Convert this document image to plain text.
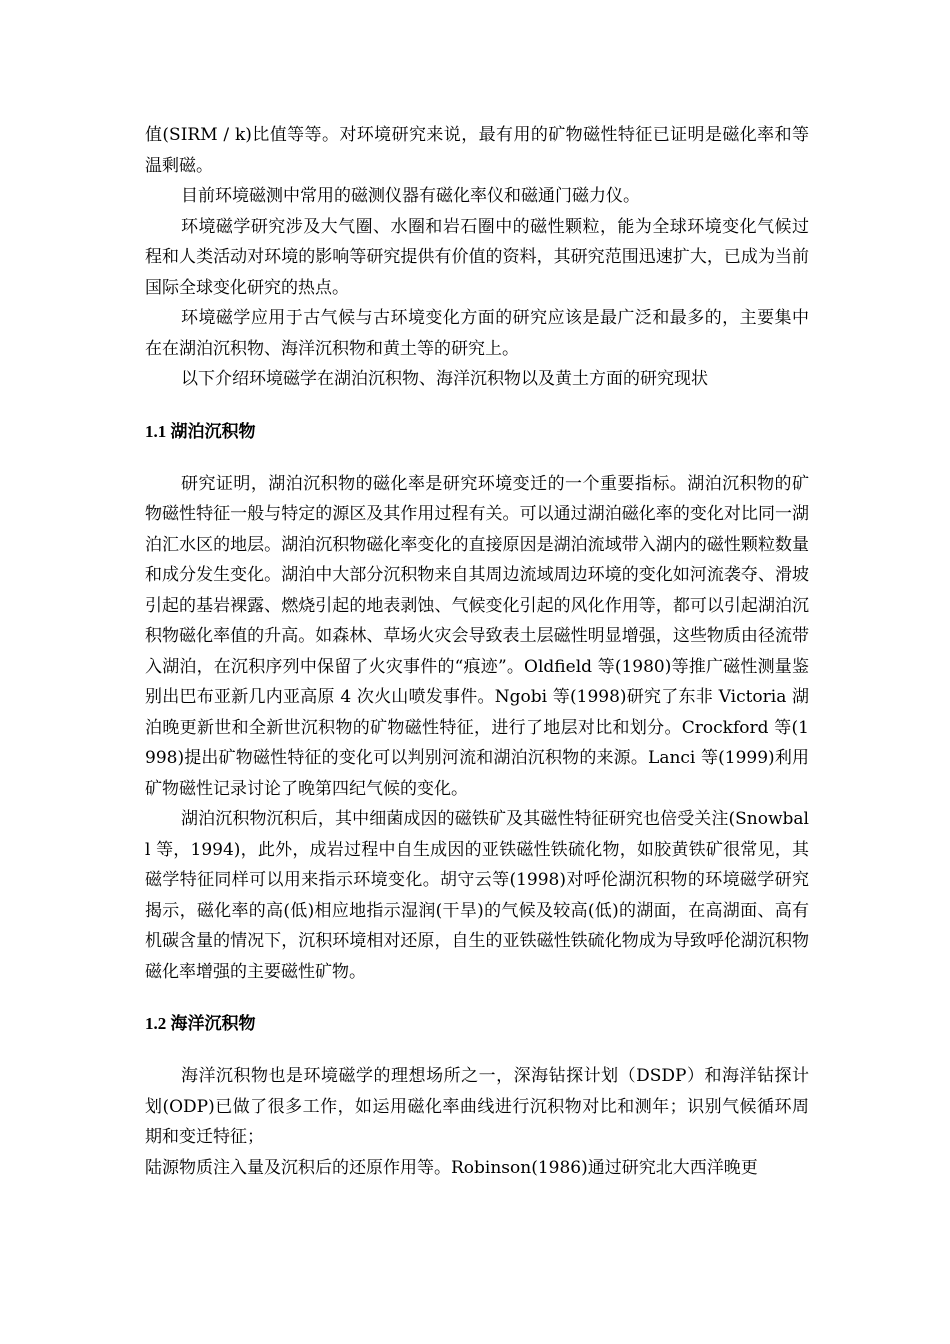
值(SIRM / k)比值等等。对环境研究来说，最有用的矿物磁性特征已证明是磁化率和等温剩磁。

目前环境磁测中常用的磁测仪器有磁化率仪和磁通门磁力仪。

环境磁学研究涉及大气圈、水圈和岩石圈中的磁性颗粒，能为全球环境变化气候过程和人类活动对环境的影响等研究提供有价值的资料，其研究范围迅速扩大，已成为当前国际全球变化研究的热点。

环境磁学应用于古气候与古环境变化方面的研究应该是最广泛和最多的，主要集中在在湖泊沉积物、海洋沉积物和黄土等的研究上。

以下介绍环境磁学在湖泊沉积物、海洋沉积物以及黄土方面的研究现状

1.1 湖泊沉积物

研究证明，湖泊沉积物的磁化率是研究环境变迁的一个重要指标。湖泊沉积物的矿物磁性特征一般与特定的源区及其作用过程有关。可以通过湖泊磁化率的变化对比同一湖泊汇水区的地层。湖泊沉积物磁化率变化的直接原因是湖泊流域带入湖内的磁性颗粒数量和成分发生变化。湖泊中大部分沉积物来自其周边流域周边环境的变化如河流袭夺、滑坡引起的基岩裸露、燃烧引起的地表剥蚀、气候变化引起的风化作用等，都可以引起湖泊沉积物磁化率值的升高。如森林、草场火灾会导致表土层磁性明显增强，这些物质由径流带入湖泊，在沉积序列中保留了火灾事件的“痕迹”。Oldfield 等(1980)等推广磁性测量鉴别出巴布亚新几内亚高原 4 次火山喷发事件。Ngobi 等(1998)研究了东非 Victoria 湖泊晚更新世和全新世沉积物的矿物磁性特征，进行了地层对比和划分。Crockford 等(1998)提出矿物磁性特征的变化可以判别河流和湖泊沉积物的来源。Lanci 等(1999)利用矿物磁性记录讨论了晚第四纪气候的变化。

湖泊沉积物沉积后，其中细菌成因的磁铁矿及其磁性特征研究也倍受关注(Snowball 等，1994)，此外，成岩过程中自生成因的亚铁磁性铁硫化物，如胶黄铁矿很常见，其磁学特征同样可以用来指示环境变化。胡守云等(1998)对呼伦湖沉积物的环境磁学研究揭示，磁化率的高(低)相应地指示湿润(干旱)的气候及较高(低)的湖面，在高湖面、高有机碳含量的情况下，沉积环境相对还原，自生的亚铁磁性铁硫化物成为导致呼伦湖沉积物磁化率增强的主要磁性矿物。

1.2 海洋沉积物

海洋沉积物也是环境磁学的理想场所之一，深海钻探计划（DSDP）和海洋钻探计划(ODP)已做了很多工作，如运用磁化率曲线进行沉积物对比和测年；识别气候循环周期和变迁特征；

陆源物质注入量及沉积后的还原作用等。Robinson(1986)通过研究北大西洋晚更
